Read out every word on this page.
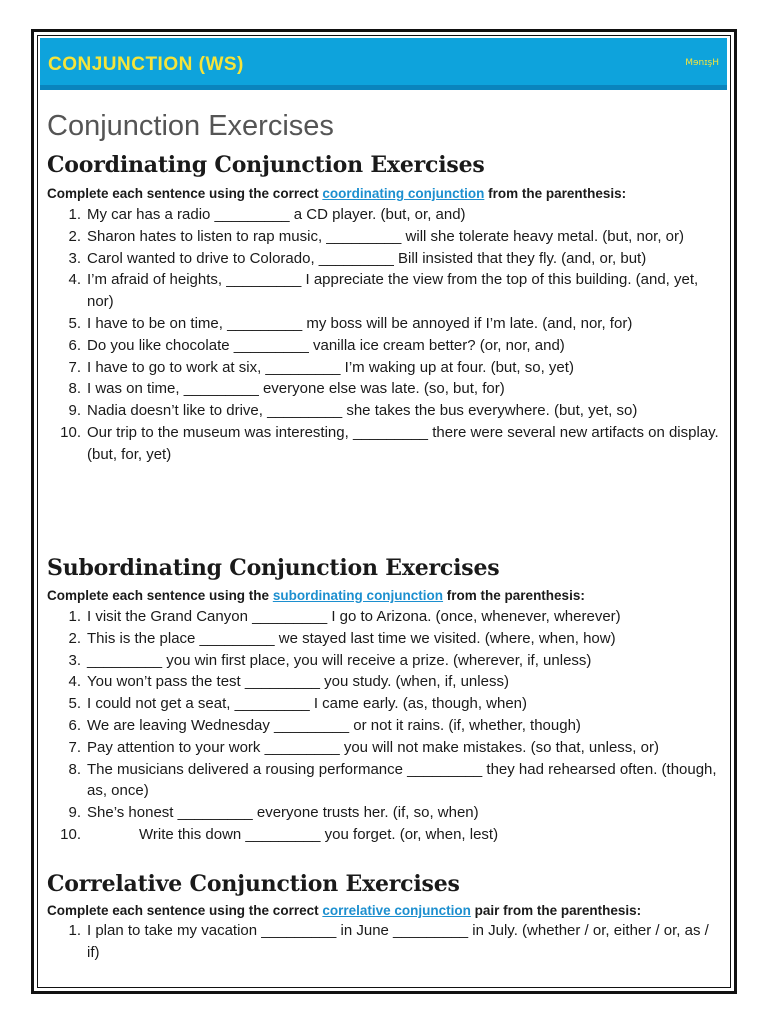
CONJUNCTION (WS)	MɘnɪşH
Conjunction Exercises
Coordinating Conjunction Exercises

Complete each sentence using the correct coordinating conjunction from the parenthesis:

1. My car has a radio _________ a CD player. (but, or, and)
2. Sharon hates to listen to rap music, _________ will she tolerate heavy metal. (but, nor, or)
3. Carol wanted to drive to Colorado, _________ Bill insisted that they fly. (and, or, but)
4. I’m afraid of heights, _________ I appreciate the view from the top of this building. (and, yet, nor)
5. I have to be on time, _________ my boss will be annoyed if I’m late. (and, nor, for)
6. Do you like chocolate _________ vanilla ice cream better? (or, nor, and)
7. I have to go to work at six, _________ I’m waking up at four. (but, so, yet)
8. I was on time, _________ everyone else was late. (so, but, for)
9. Nadia doesn’t like to drive, _________ she takes the bus everywhere. (but, yet, so)
10. Our trip to the museum was interesting, _________ there were several new artifacts on display. (but, for, yet)
Subordinating Conjunction Exercises

Complete each sentence using the subordinating conjunction from the parenthesis:

1. I visit the Grand Canyon _________ I go to Arizona. (once, whenever, wherever)
2. This is the place _________ we stayed last time we visited. (where, when, how)
3. _________ you win first place, you will receive a prize. (wherever, if, unless)
4. You won’t pass the test _________ you study. (when, if, unless)
5. I could not get a seat, _________ I came early. (as, though, when)
6. We are leaving Wednesday _________ or not it rains. (if, whether, though)
7. Pay attention to your work _________ you will not make mistakes. (so that, unless, or)
8. The musicians delivered a rousing performance _________ they had rehearsed often. (though, as, once)
9. She’s honest _________ everyone trusts her. (if, so, when)
10.	Write this down _________ you forget. (or, when, lest)
Correlative Conjunction Exercises

Complete each sentence using the correct correlative conjunction pair from the parenthesis:

1. I plan to take my vacation _________ in June _________ in July. (whether / or, either / or, as / if)
